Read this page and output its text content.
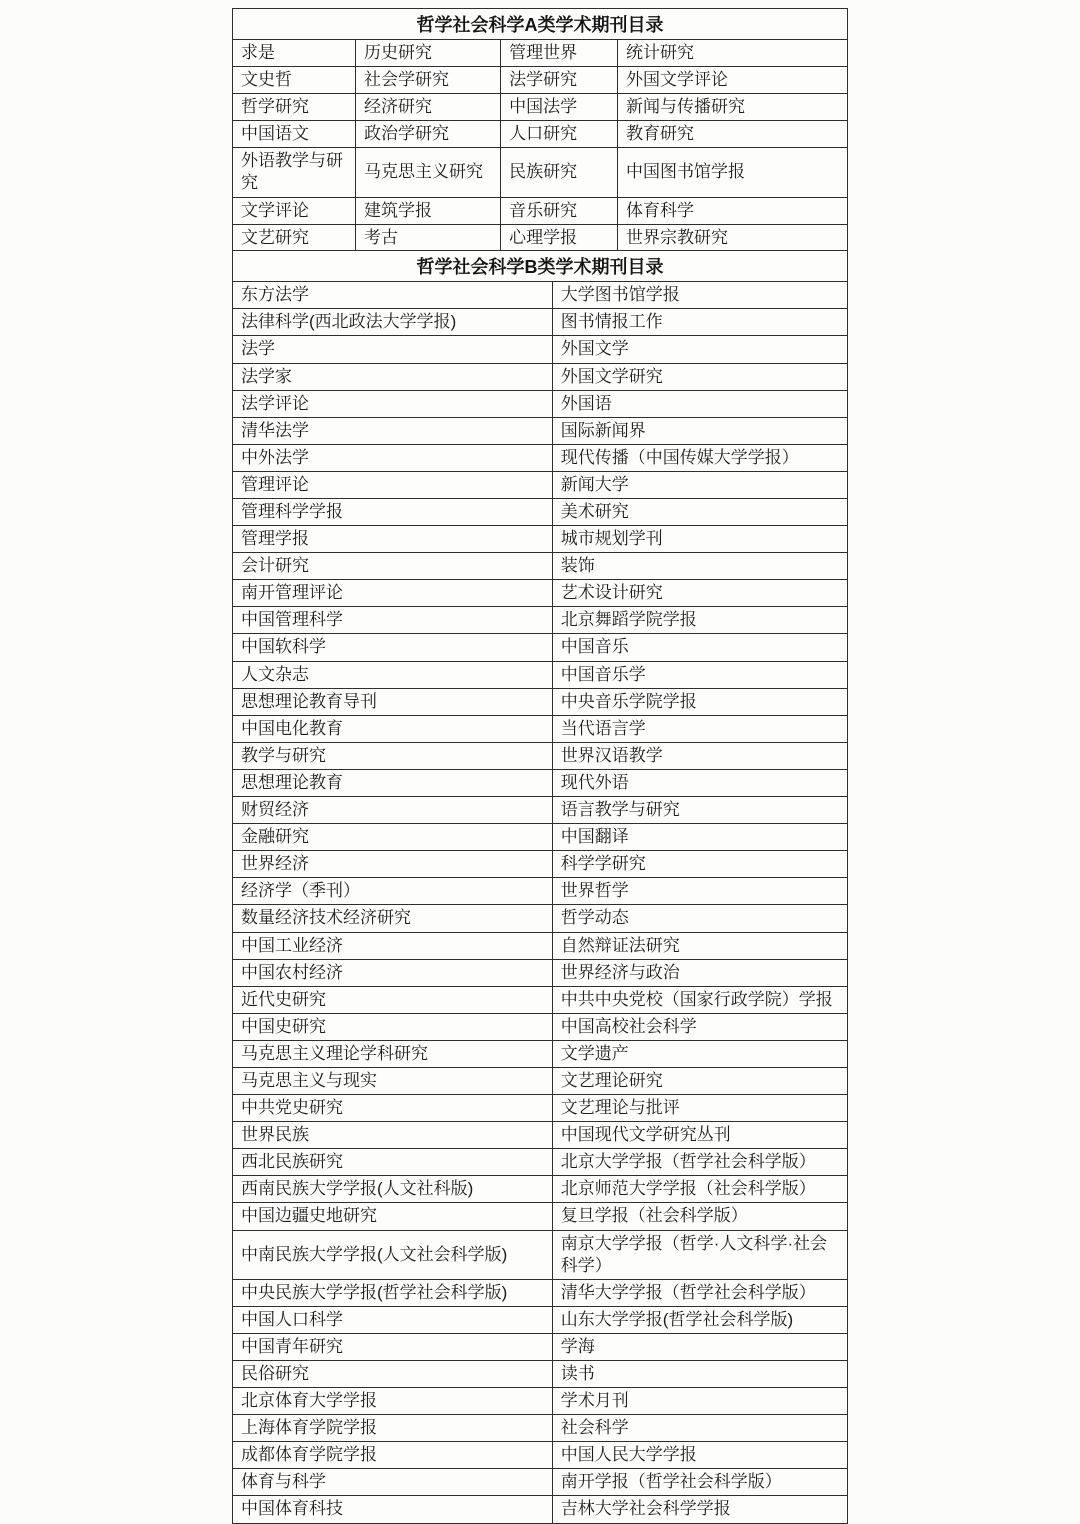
哲学社会科学A类学术期刊目录			
求是	历史研究	管理世界	统计研究
文史哲	社会学研究	法学研究	外国文学评论
哲学研究	经济研究	中国法学	新闻与传播研究
中国语文	政治学研究	人口研究	教育研究
外语教学与研究	马克思主义研究	民族研究	中国图书馆学报
文学评论	建筑学报	音乐研究	体育科学
文艺研究	考古	心理学报	世界宗教研究
哲学社会科学B类学术期刊目录	
东方法学	大学图书馆学报
法律科学(西北政法大学学报)	图书情报工作
法学	外国文学
法学家	外国文学研究
法学评论	外国语
清华法学	国际新闻界
中外法学	现代传播（中国传媒大学学报）
管理评论	新闻大学
管理科学学报	美术研究
管理学报	城市规划学刊
会计研究	装饰
南开管理评论	艺术设计研究
中国管理科学	北京舞蹈学院学报
中国软科学	中国音乐
人文杂志	中国音乐学
思想理论教育导刊	中央音乐学院学报
中国电化教育	当代语言学
教学与研究	世界汉语教学
思想理论教育	现代外语
财贸经济	语言教学与研究
金融研究	中国翻译
世界经济	科学学研究
经济学（季刊）	世界哲学
数量经济技术经济研究	哲学动态
中国工业经济	自然辩证法研究
中国农村经济	世界经济与政治
近代史研究	中共中央党校（国家行政学院）学报
中国史研究	中国高校社会科学
马克思主义理论学科研究	文学遗产
马克思主义与现实	文艺理论研究
中共党史研究	文艺理论与批评
世界民族	中国现代文学研究丛刊
西北民族研究	北京大学学报（哲学社会科学版）
西南民族大学学报(人文社科版)	北京师范大学学报（社会科学版）
中国边疆史地研究	复旦学报（社会科学版）
中南民族大学学报(人文社会科学版)	南京大学学报（哲学·人文科学·社会科学）
中央民族大学学报(哲学社会科学版)	清华大学学报（哲学社会科学版）
中国人口科学	山东大学学报(哲学社会科学版)
中国青年研究	学海
民俗研究	读书
北京体育大学学报	学术月刊
上海体育学院学报	社会科学
成都体育学院学报	中国人民大学学报
体育与科学	南开学报（哲学社会科学版）
中国体育科技	吉林大学社会科学学报
